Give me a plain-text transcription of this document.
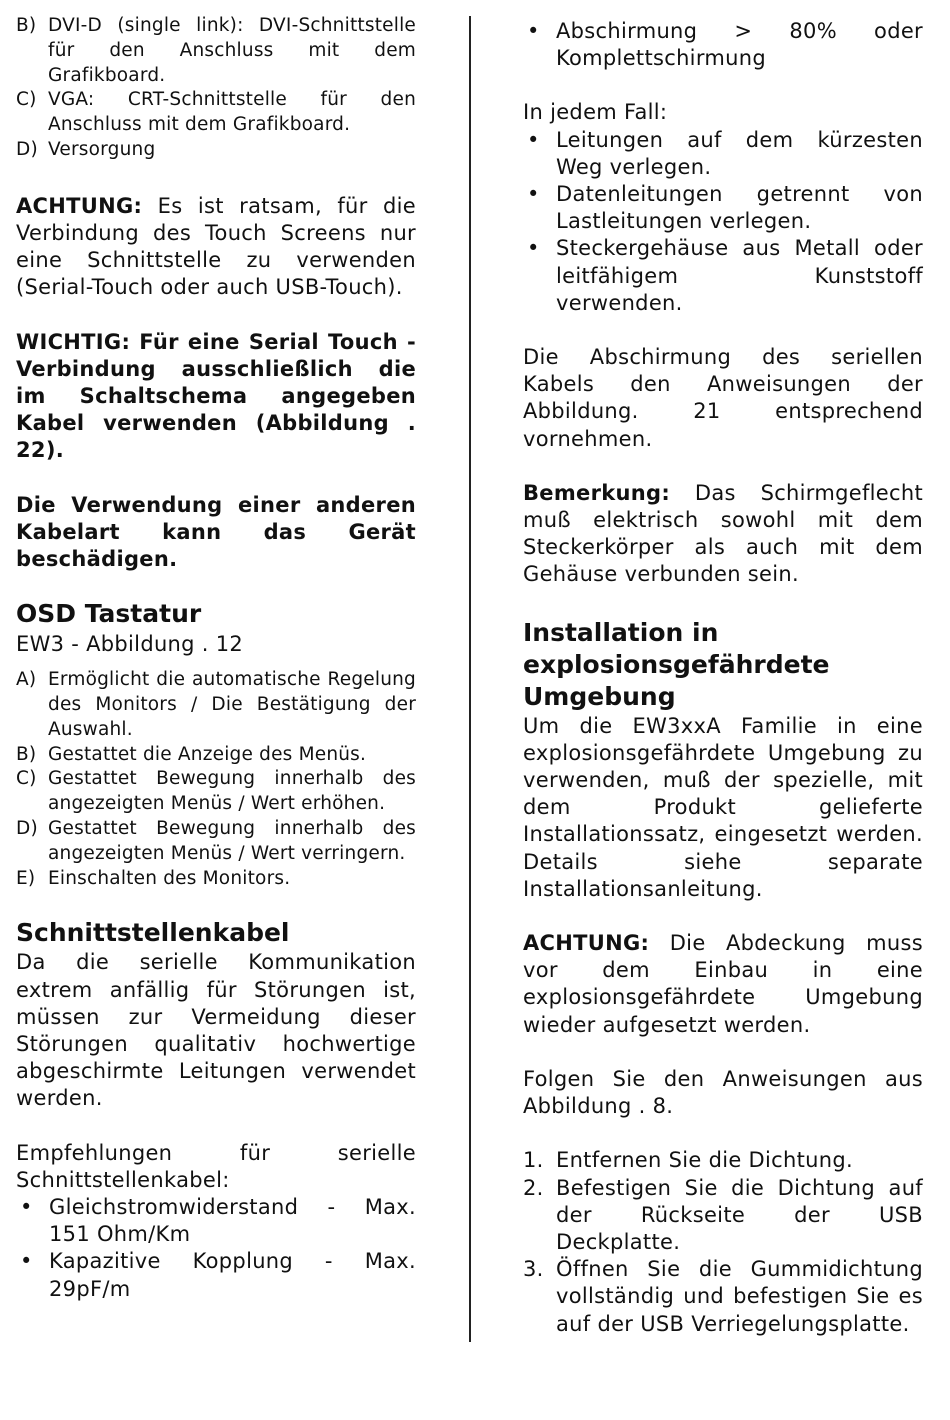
B) DVI-D (single link): DVI-Schnittstelle für den Anschluss mit dem Grafikboard.
C) VGA: CRT-Schnittstelle für den Anschluss mit dem Grafikboard.
D) Versorgung

ACHTUNG: Es ist ratsam, für die Verbindung des Touch Screens nur eine Schnittstelle zu verwenden (Serial-Touch oder auch USB-Touch).

WICHTIG: Für eine Serial Touch - Verbindung ausschließlich die im Schaltschema angegeben Kabel verwenden (Abbildung . 22).

Die Verwendung einer anderen Kabelart kann das Gerät beschädigen.

OSD Tastatur
EW3 - Abbildung . 12
A) Ermöglicht die automatische Regelung des Monitors / Die Bestätigung der Auswahl.
B) Gestattet die Anzeige des Menüs.
C) Gestattet Bewegung innerhalb des angezeigten Menüs / Wert erhöhen.
D) Gestattet Bewegung innerhalb des angezeigten Menüs / Wert verringern.
E) Einschalten des Monitors.
Schnittstellenkabel

Da die serielle Kommunikation extrem anfällig für Störungen ist, müssen zur Vermeidung dieser Störungen qualitativ hochwertige abgeschirmte Leitungen verwendet werden.

Empfehlungen für serielle Schnittstellenkabel:

• Gleichstromwiderstand - Max. 151 Ohm/Km
• Kapazitive Kopplung - Max. 29pF/m
• Abschirmung > 80% oder Komplettschirmung

In jedem Fall:

• Leitungen auf dem kürzesten Weg verlegen.
• Datenleitungen getrennt von Lastleitungen verlegen.
• Steckergehäuse aus Metall oder leitfähigem Kunststoff verwenden.

Die Abschirmung des seriellen Kabels den Anweisungen der Abbildung. 21 entsprechend vornehmen.

Bemerkung: Das Schirmgeflecht muß elektrisch sowohl mit dem Steckerkörper als auch mit dem Gehäuse verbunden sein.

Installation in explosionsgefährdete Umgebung

Um die EW3xxA Familie in eine explosionsgefährdete Umgebung zu verwenden, muß der spezielle, mit dem Produkt gelieferte Installationssatz, eingesetzt werden. Details siehe separate Installationsanleitung.

ACHTUNG: Die Abdeckung muss vor dem Einbau in eine explosionsgefährdete Umgebung wieder aufgesetzt werden.

Folgen Sie den Anweisungen aus Abbildung . 8.

1. Entfernen Sie die Dichtung.
2. Befestigen Sie die Dichtung auf der Rückseite der USB Deckplatte.
3. Öffnen Sie die Gummidichtung vollständig und befestigen Sie es auf der USB Verriegelungsplatte.
